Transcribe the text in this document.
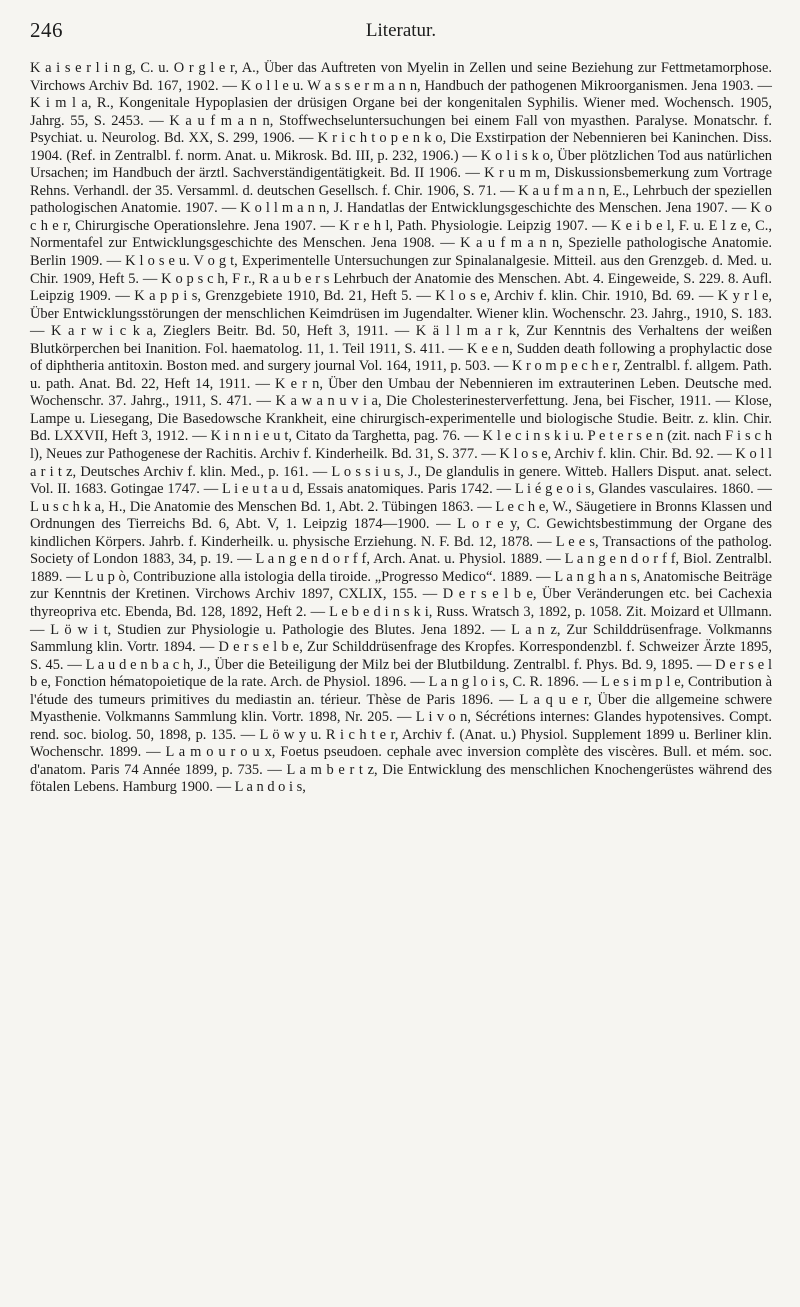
246	Literatur.
K a i s e r l i n g, C. u. O r g l e r, A., Über das Auftreten von Myelin in Zellen und seine Beziehung zur Fettmetamorphose. Virchows Archiv Bd. 167, 1902. — K o l l e u. W a s s e r m a n n, Handbuch der pathogenen Mikroorganismen. Jena 1903. — K i m l a, R., Kongenitale Hypoplasien der drüsigen Organe bei der kongenitalen Syphilis. Wiener med. Wochensch. 1905, Jahrg. 55, S. 2453. — K a u f m a n n, Stoffwechseluntersuchungen bei einem Fall von myasthen. Paralyse. Monatschr. f. Psychiat. u. Neurolog. Bd. XX, S. 299, 1906. — K r i c h t o p e n k o, Die Exstirpation der Nebennieren bei Kaninchen. Diss. 1904. (Ref. in Zentralbl. f. norm. Anat. u. Mikrosk. Bd. III, p. 232, 1906.) — K o l i s k o, Über plötzlichen Tod aus natürlichen Ursachen; im Handbuch der ärztl. Sachverständigentätigkeit. Bd. II 1906. — K r u m m, Diskussionsbemerkung zum Vortrage Rehns. Verhandl. der 35. Versamml. d. deutschen Gesellsch. f. Chir. 1906, S. 71. — K a u f m a n n, E., Lehrbuch der speziellen pathologischen Anatomie. 1907. — K o l l m a n n, J. Handatlas der Entwicklungsgeschichte des Menschen. Jena 1907. — K o c h e r, Chirurgische Operationslehre. Jena 1907. — K r e h l, Path. Physiologie. Leipzig 1907. — K e i b e l, F. u. E l z e, C., Normentafel zur Entwicklungsgeschichte des Menschen. Jena 1908. — K a u f m a n n, Spezielle pathologische Anatomie. Berlin 1909. — K l o s e u. V o g t, Experimentelle Untersuchungen zur Spinalanalgesie. Mitteil. aus den Grenzgeb. d. Med. u. Chir. 1909, Heft 5. — K o p s c h, F r., R a u b e r s Lehrbuch der Anatomie des Menschen. Abt. 4. Eingeweide, S. 229. 8. Aufl. Leipzig 1909. — K a p p i s, Grenzgebiete 1910, Bd. 21, Heft 5. — K l o s e, Archiv f. klin. Chir. 1910, Bd. 69. — K y r l e, Über Entwicklungsstörungen der menschlichen Keimdrüsen im Jugendalter. Wiener klin. Wochenschr. 23. Jahrg., 1910, S. 183. — K a r w i c k a, Zieglers Beitr. Bd. 50, Heft 3, 1911. — K ä l l m a r k, Zur Kenntnis des Verhaltens der weißen Blutkörperchen bei Inanition. Fol. haematolog. 11, 1. Teil 1911, S. 411. — K e e n, Sudden death following a prophylactic dose of diphtheria antitoxin. Boston med. and surgery journal Vol. 164, 1911, p. 503. — K r o m p e c h e r, Zentralbl. f. allgem. Path. u. path. Anat. Bd. 22, Heft 14, 1911. — K e r n, Über den Umbau der Nebennieren im extrauterinen Leben. Deutsche med. Wochenschr. 37. Jahrg., 1911, S. 471. — K a w a n u v i a, Die Cholesterinesterverfettung. Jena, bei Fischer, 1911. — Klose, Lampe u. Liesegang, Die Basedowsche Krankheit, eine chirurgisch-experimentelle und biologische Studie. Beitr. z. klin. Chir. Bd. LXXVII, Heft 3, 1912. — K i n n i e u t, Citato da Targhetta, pag. 76. — K l e c i n s k i u. P e t e r s e n (zit. nach F i s c h l), Neues zur Pathogenese der Rachitis. Archiv f. Kinderheilk. Bd. 31, S. 377. — K l o s e, Archiv f. klin. Chir. Bd. 92. — K o l l a r i t z, Deutsches Archiv f. klin. Med., p. 161. — L o s s i u s, J., De glandulis in genere. Witteb. Hallers Disput. anat. select. Vol. II. 1683. Gotingae 1747. — L i e u t a u d, Essais anatomiques. Paris 1742. — L i é g e o i s, Glandes vasculaires. 1860. — L u s c h k a, H., Die Anatomie des Menschen Bd. 1, Abt. 2. Tübingen 1863. — L e c h e, W., Säugetiere in Bronns Klassen und Ordnungen des Tierreichs Bd. 6, Abt. V, 1. Leipzig 1874—1900. — L o r e y, C. Gewichtsbestimmung der Organe des kindlichen Körpers. Jahrb. f. Kinderheilk. u. physische Erziehung. N. F. Bd. 12, 1878. — L e e s, Transactions of the patholog. Society of London 1883, 34, p. 19. — L a n g e n d o r f f, Arch. Anat. u. Physiol. 1889. — L a n g e n d o r f f, Biol. Zentralbl. 1889. — L u p ò, Contribuzione alla istologia della tiroide. „Progresso Medico“. 1889. — L a n g h a n s, Anatomische Beiträge zur Kenntnis der Kretinen. Virchows Archiv 1897, CXLIX, 155. — D e r s e l b e, Über Veränderungen etc. bei Cachexia thyreopriva etc. Ebenda, Bd. 128, 1892, Heft 2. — L e b e d i n s k i, Russ. Wratsch 3, 1892, p. 1058. Zit. Moizard et Ullmann. — L ö w i t, Studien zur Physiologie u. Pathologie des Blutes. Jena 1892. — L a n z, Zur Schilddrüsenfrage. Volkmanns Sammlung klin. Vortr. 1894. — D e r s e l b e, Zur Schilddrüsenfrage des Kropfes. Korrespondenzbl. f. Schweizer Ärzte 1895, S. 45. — L a u d e n b a c h, J., Über die Beteiligung der Milz bei der Blutbildung. Zentralbl. f. Phys. Bd. 9, 1895. — D e r s e l b e, Fonction hématopoietique de la rate. Arch. de Physiol. 1896. — L a n g l o i s, C. R. 1896. — L e s i m p l e, Contribution à l'étude des tumeurs primitives du mediastin an. térieur. Thèse de Paris 1896. — L a q u e r, Über die allgemeine schwere Myasthenie. Volkmanns Sammlung klin. Vortr. 1898, Nr. 205. — L i v o n, Sécrétions internes: Glandes hypotensives. Compt. rend. soc. biolog. 50, 1898, p. 135. — L ö w y u. R i c h t e r, Archiv f. (Anat. u.) Physiol. Supplement 1899 u. Berliner klin. Wochenschr. 1899. — L a m o u r o u x, Foetus pseudoen. cephale avec inversion complète des viscères. Bull. et mém. soc. d'anatom. Paris 74 Année 1899, p. 735. — L a m b e r t z, Die Entwicklung des menschlichen Knochengerüstes während des fötalen Lebens. Hamburg 1900. — L a n d o i s,
